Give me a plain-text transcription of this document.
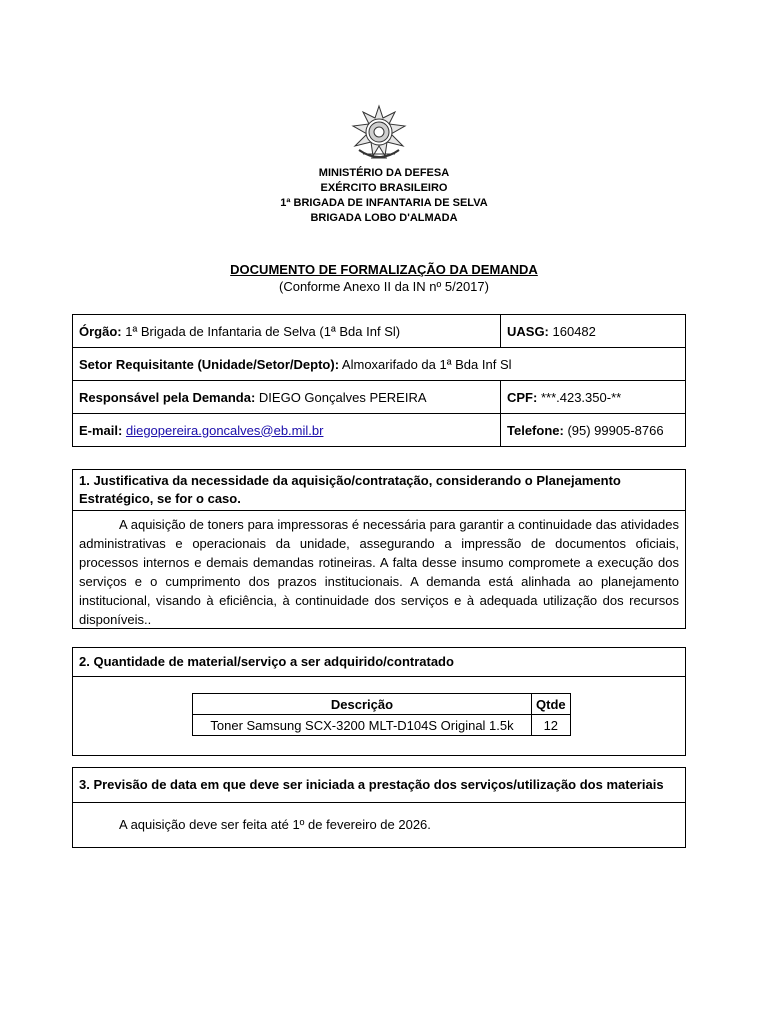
MINISTÉRIO DA DEFESA
EXÉRCITO BRASILEIRO
1ª BRIGADA DE INFANTARIA DE SELVA
BRIGADA LOBO D'ALMADA
DOCUMENTO DE FORMALIZAÇÃO DA DEMANDA
(Conforme Anexo II da IN nº 5/2017)
Órgão: 1ª Brigada de Infantaria de Selva (1ª Bda Inf Sl)	UASG: 160482
Setor Requisitante (Unidade/Setor/Depto): Almoxarifado da 1ª Bda Inf Sl	
Responsável pela Demanda: DIEGO Gonçalves PEREIRA	CPF: ***.423.350-**
E-mail: diegopereira.goncalves@eb.mil.br	Telefone: (95) 99905-8766
1. Justificativa da necessidade da aquisição/contratação, considerando o Planejamento Estratégico, se for o caso.
A aquisição de toners para impressoras é necessária para garantir a continuidade das atividades administrativas e operacionais da unidade, assegurando a impressão de documentos oficiais, processos internos e demais demandas rotineiras. A falta desse insumo compromete a execução dos serviços e o cumprimento dos prazos institucionais. A demanda está alinhada ao planejamento institucional, visando à eficiência, à continuidade dos serviços e à adequada utilização dos recursos disponíveis..
2. Quantidade de material/serviço a ser adquirido/contratado
Descrição	Qtde
Toner Samsung SCX-3200 MLT-D104S Original 1.5k	12
3. Previsão de data em que deve ser iniciada a prestação dos serviços/utilização dos materiais
A aquisição deve ser feita até 1º de fevereiro de 2026.
